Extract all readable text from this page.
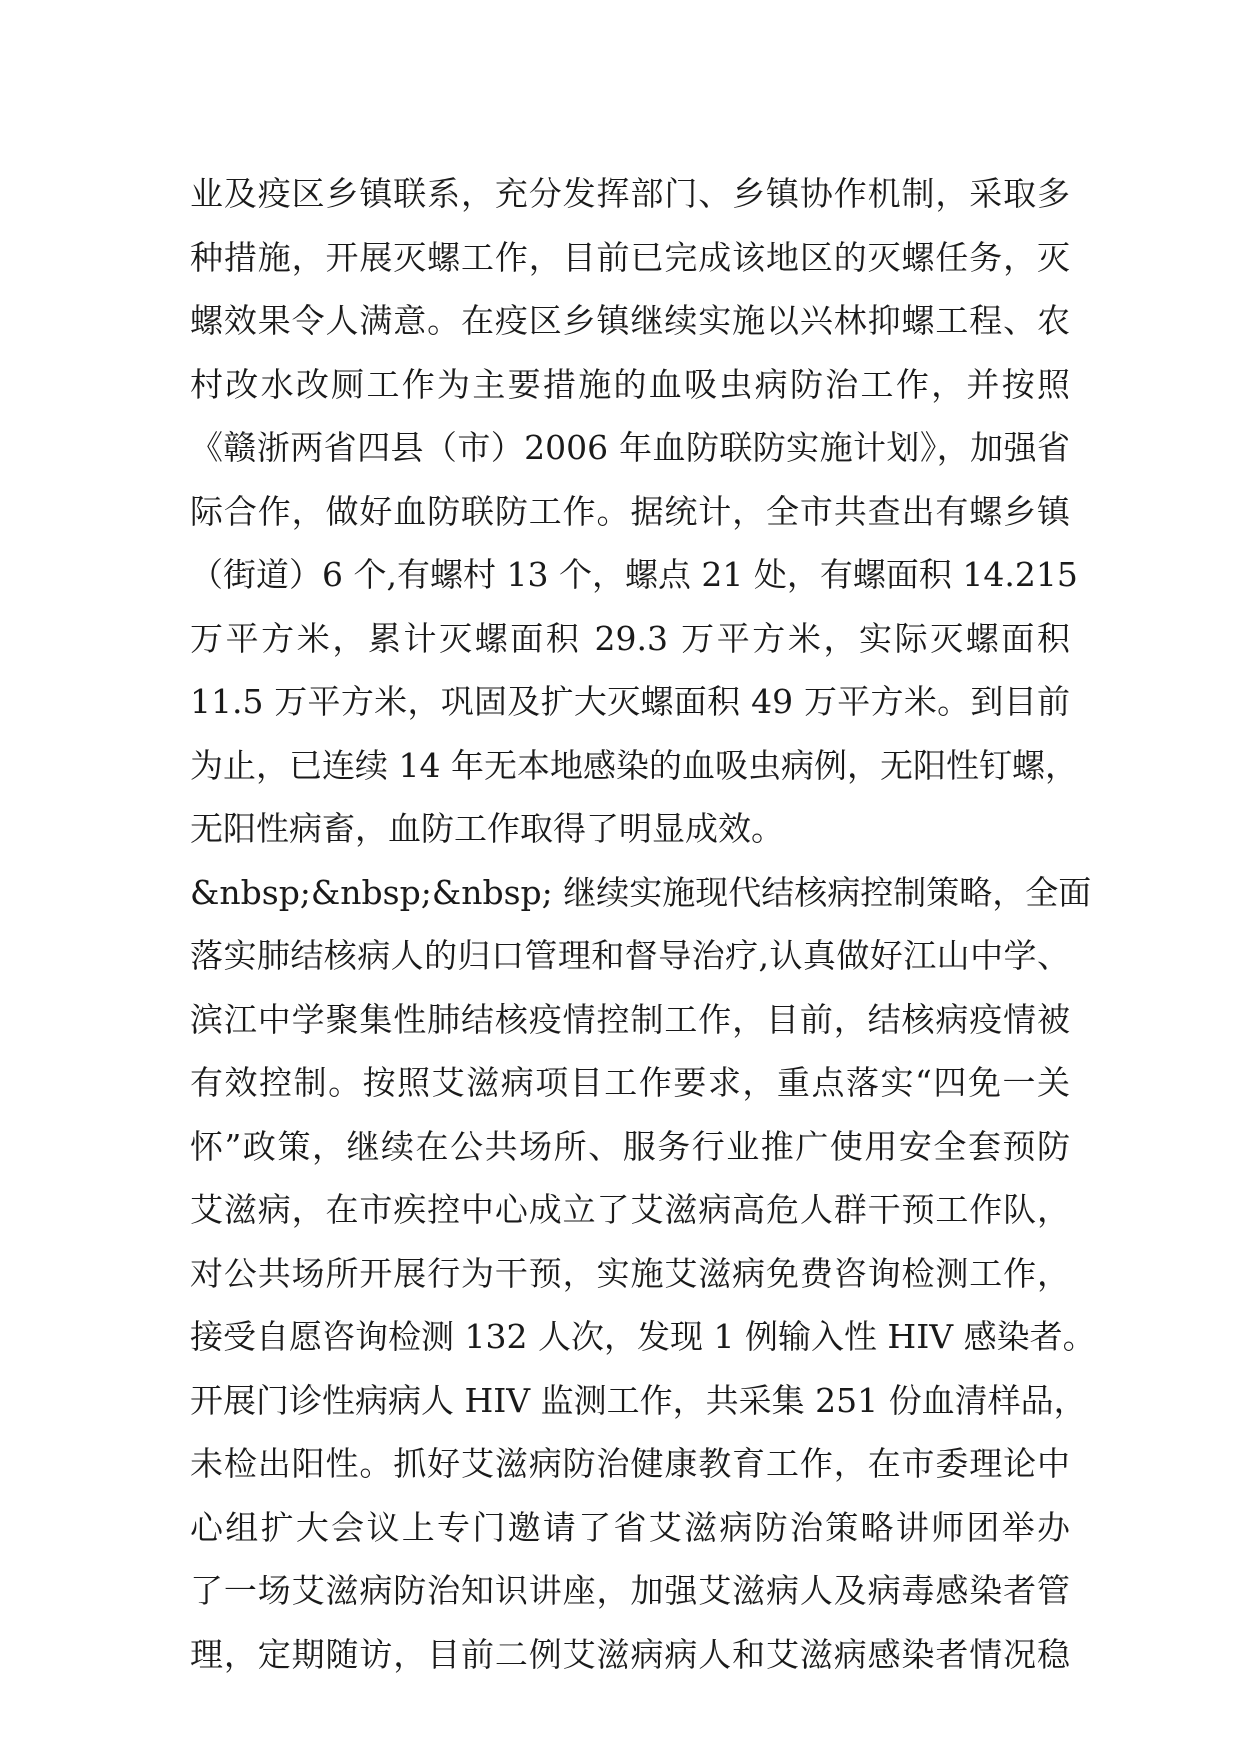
业及疫区乡镇联系，充分发挥部门、乡镇协作机制，采取多
种措施，开展灭螺工作，目前已完成该地区的灭螺任务，灭
螺效果令人满意。在疫区乡镇继续实施以兴林抑螺工程、农
村改水改厕工作为主要措施的血吸虫病防治工作，并按照
《赣浙两省四县（市）2006 年血防联防实施计划》，加强省
际合作，做好血防联防工作。据统计，全市共查出有螺乡镇
（街道）6 个,有螺村 13 个，螺点 21 处，有螺面积 14.215
万平方米，累计灭螺面积 29.3 万平方米，实际灭螺面积
11.5 万平方米，巩固及扩大灭螺面积 49 万平方米。到目前
为止，已连续 14 年无本地感染的血吸虫病例，无阳性钉螺，
无阳性病畜，血防工作取得了明显成效。
&nbsp;&nbsp;&nbsp; 继续实施现代结核病控制策略，全面
落实肺结核病人的归口管理和督导治疗,认真做好江山中学、
滨江中学聚集性肺结核疫情控制工作，目前，结核病疫情被
有效控制。按照艾滋病项目工作要求，重点落实“四免一关
怀”政策，继续在公共场所、服务行业推广使用安全套预防
艾滋病，在市疾控中心成立了艾滋病高危人群干预工作队，
对公共场所开展行为干预，实施艾滋病免费咨询检测工作，
接受自愿咨询检测 132 人次，发现 1 例输入性 HIV 感染者。
开展门诊性病病人 HIV 监测工作，共采集 251 份血清样品，
未检出阳性。抓好艾滋病防治健康教育工作，在市委理论中
心组扩大会议上专门邀请了省艾滋病防治策略讲师团举办
了一场艾滋病防治知识讲座，加强艾滋病人及病毒感染者管
理，定期随访，目前二例艾滋病病人和艾滋病感染者情况稳
